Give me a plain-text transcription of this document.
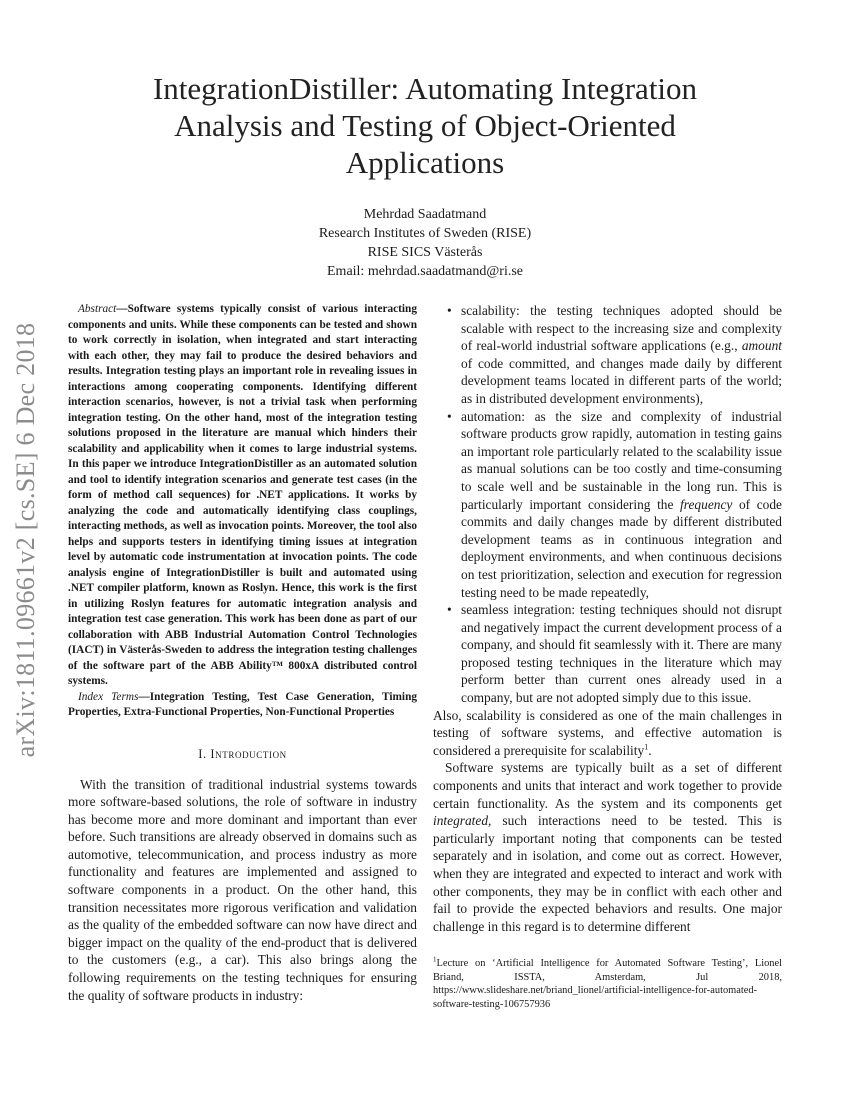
arXiv:1811.09661v2 [cs.SE] 6 Dec 2018
IntegrationDistiller: Automating Integration Analysis and Testing of Object-Oriented Applications
Mehrdad Saadatmand
Research Institutes of Sweden (RISE)
RISE SICS Västerås
Email: mehrdad.saadatmand@ri.se

Abstract—Software systems typically consist of various interacting components and units. While these components can be tested and shown to work correctly in isolation, when integrated and start interacting with each other, they may fail to produce the desired behaviors and results. Integration testing plays an important role in revealing issues in interactions among cooperating components. Identifying different interaction scenarios, however, is not a trivial task when performing integration testing. On the other hand, most of the integration testing solutions proposed in the literature are manual which hinders their scalability and applicability when it comes to large industrial systems. In this paper we introduce IntegrationDistiller as an automated solution and tool to identify integration scenarios and generate test cases (in the form of method call sequences) for .NET applications. It works by analyzing the code and automatically identifying class couplings, interacting methods, as well as invocation points. Moreover, the tool also helps and supports testers in identifying timing issues at integration level by automatic code instrumentation at invocation points. The code analysis engine of IntegrationDistiller is built and automated using .NET compiler platform, known as Roslyn. Hence, this work is the first in utilizing Roslyn features for automatic integration analysis and integration test case generation. This work has been done as part of our collaboration with ABB Industrial Automation Control Technologies (IACT) in Västerås-Sweden to address the integration testing challenges of the software part of the ABB Ability™ 800xA distributed control systems.

Index Terms—Integration Testing, Test Case Generation, Timing Properties, Extra-Functional Properties, Non-Functional Properties

I. Introduction

With the transition of traditional industrial systems towards more software-based solutions, the role of software in industry has become more and more dominant and important than ever before. Such transitions are already observed in domains such as automotive, telecommunication, and process industry as more functionality and features are implemented and assigned to software components in a product. On the other hand, this transition necessitates more rigorous verification and validation as the quality of the embedded software can now have direct and bigger impact on the quality of the end-product that is delivered to the customers (e.g., a car). This also brings along the following requirements on the testing techniques for ensuring the quality of software products in industry:

• scalability: the testing techniques adopted should be scalable with respect to the increasing size and complexity of real-world industrial software applications (e.g., amount of code committed, and changes made daily by different development teams located in different parts of the world; as in distributed development environments),
• automation: as the size and complexity of industrial software products grow rapidly, automation in testing gains an important role particularly related to the scalability issue as manual solutions can be too costly and time-consuming to scale well and be sustainable in the long run. This is particularly important considering the frequency of code commits and daily changes made by different distributed development teams as in continuous integration and deployment environments, and when continuous decisions on test prioritization, selection and execution for regression testing need to be made repeatedly,
• seamless integration: testing techniques should not disrupt and negatively impact the current development process of a company, and should fit seamlessly with it. There are many proposed testing techniques in the literature which may perform better than current ones already used in a company, but are not adopted simply due to this issue.

Also, scalability is considered as one of the main challenges in testing of software systems, and effective automation is considered a prerequisite for scalability$^1$.

Software systems are typically built as a set of different components and units that interact and work together to provide certain functionality. As the system and its components get integrated, such interactions need to be tested. This is particularly important noting that components can be tested separately and in isolation, and come out as correct. However, when they are integrated and expected to interact and work with other components, they may be in conflict with each other and fail to provide the expected behaviors and results. One major challenge in this regard is to determine different

$^1$Lecture on ‘Artificial Intelligence for Automated Software Testing’, Lionel Briand, ISSTA, Amsterdam, Jul 2018, https://www.slideshare.net/briand_lionel/artificial-intelligence-for-automated-software-testing-106757936
